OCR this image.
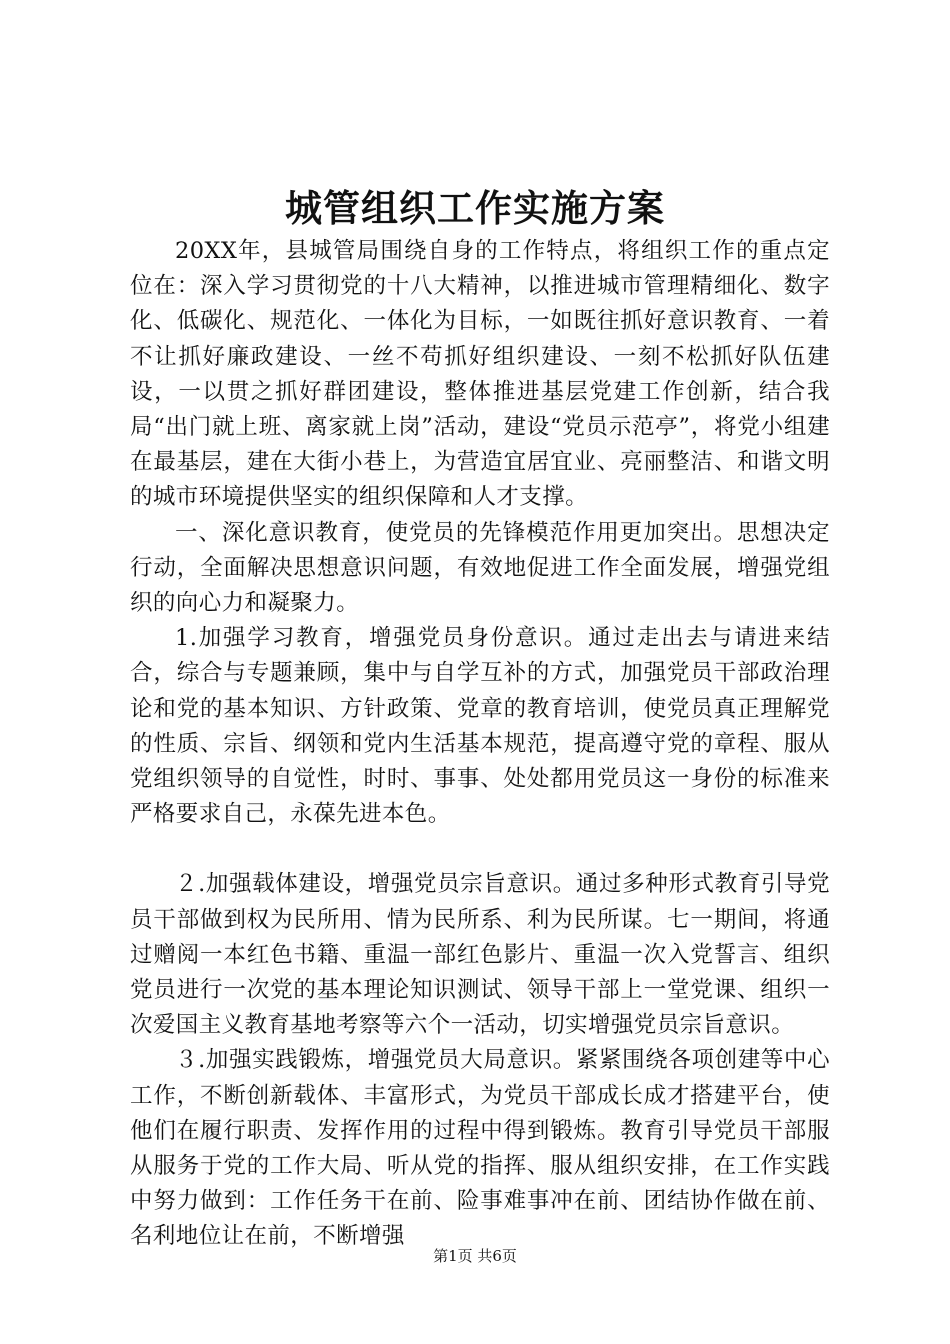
城管组织工作实施方案

20XX年，县城管局围绕自身的工作特点，将组织工作的重点定位在：深入学习贯彻党的十八大精神，以推进城市管理精细化、数字化、低碳化、规范化、一体化为目标，一如既往抓好意识教育、一着不让抓好廉政建设、一丝不苟抓好组织建设、一刻不松抓好队伍建设，一以贯之抓好群团建设，整体推进基层党建工作创新，结合我局“出门就上班、离家就上岗”活动，建设“党员示范亭”，将党小组建在最基层，建在大街小巷上，为营造宜居宜业、亮丽整洁、和谐文明的城市环境提供坚实的组织保障和人才支撑。

一、深化意识教育，使党员的先锋模范作用更加突出。思想决定行动，全面解决思想意识问题，有效地促进工作全面发展，增强党组织的向心力和凝聚力。

1.加强学习教育，增强党员身份意识。通过走出去与请进来结合，综合与专题兼顾，集中与自学互补的方式，加强党员干部政治理论和党的基本知识、方针政策、党章的教育培训，使党员真正理解党的性质、宗旨、纲领和党内生活基本规范，提高遵守党的章程、服从党组织领导的自觉性，时时、事事、处处都用党员这一身份的标准来严格要求自己，永葆先进本色。

２.加强载体建设，增强党员宗旨意识。通过多种形式教育引导党员干部做到权为民所用、情为民所系、利为民所谋。七一期间，将通过赠阅一本红色书籍、重温一部红色影片、重温一次入党誓言、组织党员进行一次党的基本理论知识测试、领导干部上一堂党课、组织一次爱国主义教育基地考察等六个一活动，切实增强党员宗旨意识。

３.加强实践锻炼，增强党员大局意识。紧紧围绕各项创建等中心工作，不断创新载体、丰富形式，为党员干部成长成才搭建平台，使他们在履行职责、发挥作用的过程中得到锻炼。教育引导党员干部服从服务于党的工作大局、听从党的指挥、服从组织安排，在工作实践中努力做到：工作任务干在前、险事难事冲在前、团结协作做在前、名利地位让在前，不断增强

第1页 共6页
